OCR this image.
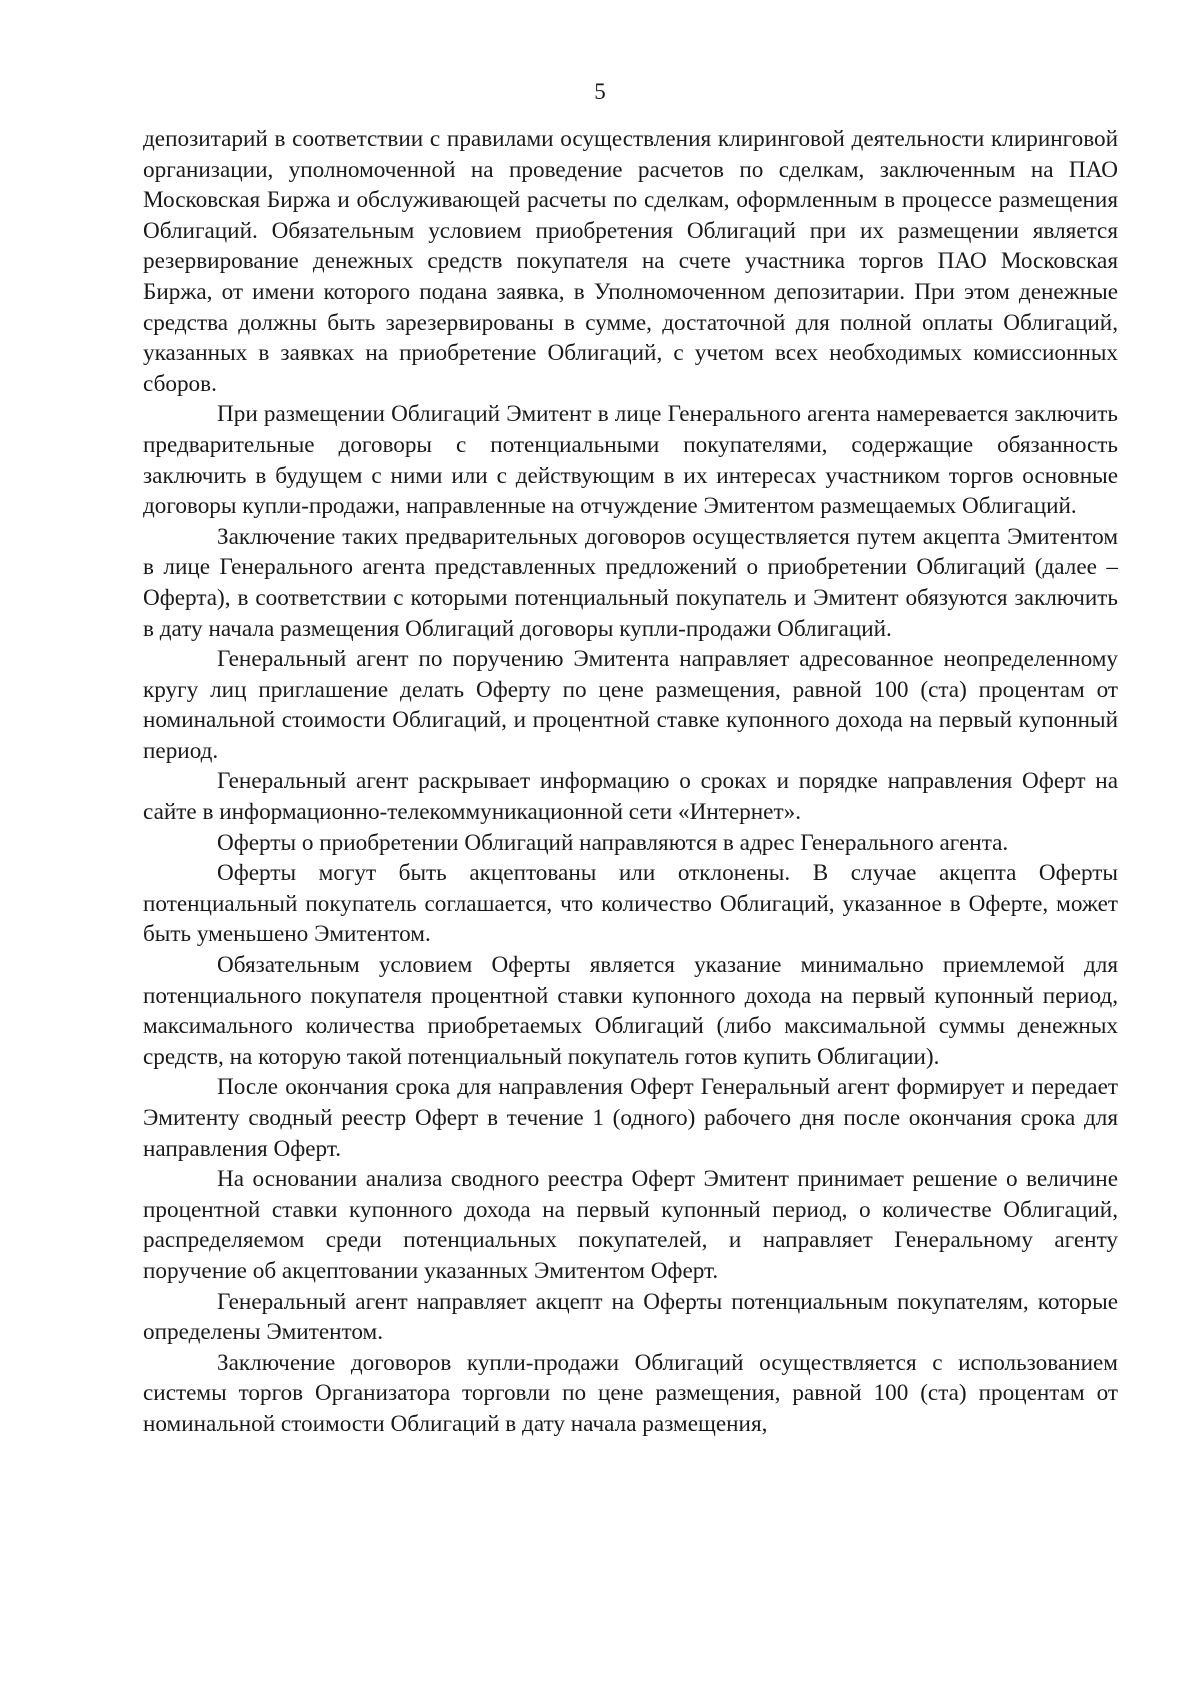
5

депозитарий в соответствии с правилами осуществления клиринговой деятельности клиринговой организации, уполномоченной на проведение расчетов по сделкам, заключенным на ПАО Московская Биржа и обслуживающей расчеты по сделкам, оформленным в процессе размещения Облигаций. Обязательным условием приобретения Облигаций при их размещении является резервирование денежных средств покупателя на счете участника торгов ПАО Московская Биржа, от имени которого подана заявка, в Уполномоченном депозитарии. При этом денежные средства должны быть зарезервированы в сумме, достаточной для полной оплаты Облигаций, указанных в заявках на приобретение Облигаций, с учетом всех необходимых комиссионных сборов.

При размещении Облигаций Эмитент в лице Генерального агента намеревается заключить предварительные договоры с потенциальными покупателями, содержащие обязанность заключить в будущем с ними или с действующим в их интересах участником торгов основные договоры купли-продажи, направленные на отчуждение Эмитентом размещаемых Облигаций.

Заключение таких предварительных договоров осуществляется путем акцепта Эмитентом в лице Генерального агента представленных предложений о приобретении Облигаций (далее – Оферта), в соответствии с которыми потенциальный покупатель и Эмитент обязуются заключить в дату начала размещения Облигаций договоры купли-продажи Облигаций.

Генеральный агент по поручению Эмитента направляет адресованное неопределенному кругу лиц приглашение делать Оферту по цене размещения, равной 100 (ста) процентам от номинальной стоимости Облигаций, и процентной ставке купонного дохода на первый купонный период.

Генеральный агент раскрывает информацию о сроках и порядке направления Оферт на сайте в информационно-телекоммуникационной сети «Интернет».

Оферты о приобретении Облигаций направляются в адрес Генерального агента.

Оферты могут быть акцептованы или отклонены. В случае акцепта Оферты потенциальный покупатель соглашается, что количество Облигаций, указанное в Оферте, может быть уменьшено Эмитентом.

Обязательным условием Оферты является указание минимально приемлемой для потенциального покупателя процентной ставки купонного дохода на первый купонный период, максимального количества приобретаемых Облигаций (либо максимальной суммы денежных средств, на которую такой потенциальный покупатель готов купить Облигации).

После окончания срока для направления Оферт Генеральный агент формирует и передает Эмитенту сводный реестр Оферт в течение 1 (одного) рабочего дня после окончания срока для направления Оферт.

На основании анализа сводного реестра Оферт Эмитент принимает решение о величине процентной ставки купонного дохода на первый купонный период, о количестве Облигаций, распределяемом среди потенциальных покупателей, и направляет Генеральному агенту поручение об акцептовании указанных Эмитентом Оферт.

Генеральный агент направляет акцепт на Оферты потенциальным покупателям, которые определены Эмитентом.

Заключение договоров купли-продажи Облигаций осуществляется с использованием системы торгов Организатора торговли по цене размещения, равной 100 (ста) процентам от номинальной стоимости Облигаций в дату начала размещения,
